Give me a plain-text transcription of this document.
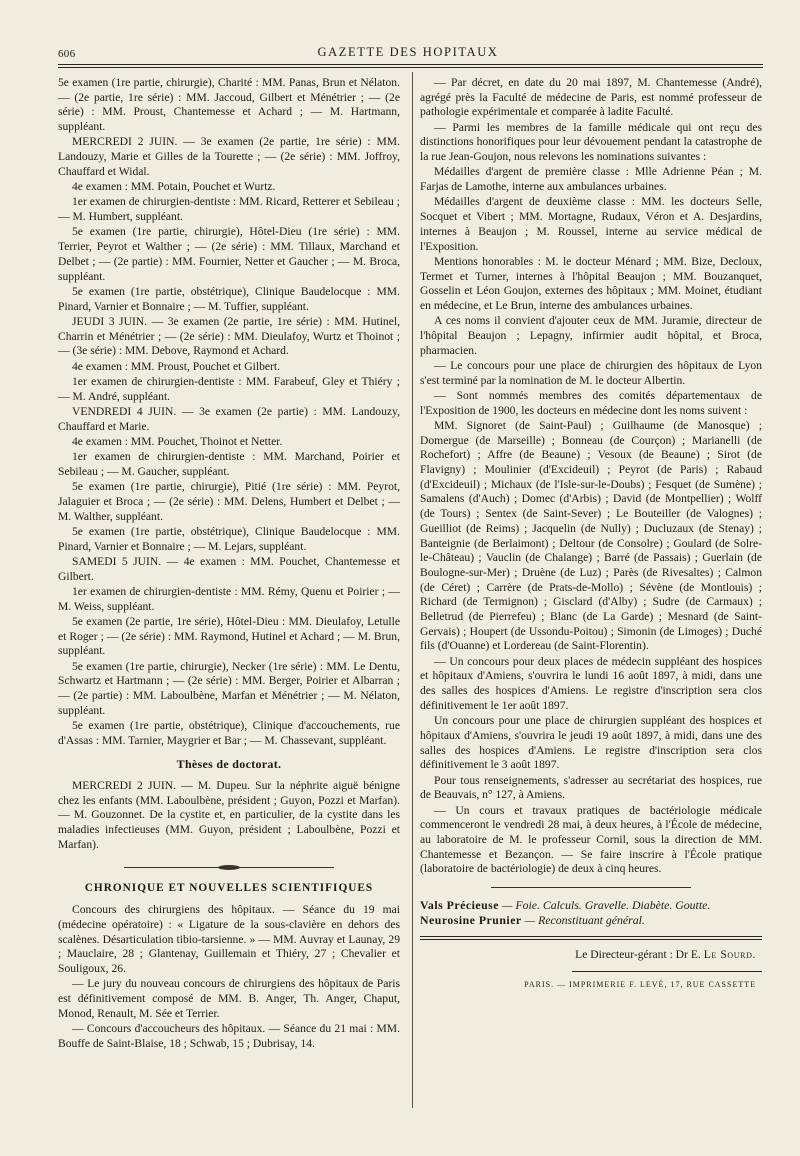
606	GAZETTE DES HOPITAUX

5e examen (1re partie, chirurgie), Charité : MM. Panas, Brun et Nélaton. — (2e partie, 1re série) : MM. Jaccoud, Gilbert et Ménétrier ; — (2e série) : MM. Proust, Chantemesse et Achard ; — M. Hartmann, suppléant.

MERCREDI 2 JUIN. — 3e examen (2e partie, 1re série) : MM. Landouzy, Marie et Gilles de la Tourette ; — (2e série) : MM. Joffroy, Chauffard et Widal.

4e examen : MM. Potain, Pouchet et Wurtz.

1er examen de chirurgien-dentiste : MM. Ricard, Retterer et Sebileau ; — M. Humbert, suppléant.

5e examen (1re partie, chirurgie), Hôtel-Dieu (1re série) : MM. Terrier, Peyrot et Walther ; — (2e série) : MM. Tillaux, Marchand et Delbet ; — (2e partie) : MM. Fournier, Netter et Gaucher ; — M. Broca, suppléant.

5e examen (1re partie, obstétrique), Clinique Baudelocque : MM. Pinard, Varnier et Bonnaire ; — M. Tuffier, suppléant.

JEUDI 3 JUIN. — 3e examen (2e partie, 1re série) : MM. Hutinel, Charrin et Ménétrier ; — (2e série) : MM. Dieulafoy, Wurtz et Thoinot ; — (3e série) : MM. Debove, Raymond et Achard.

4e examen : MM. Proust, Pouchet et Gilbert.

1er examen de chirurgien-dentiste : MM. Farabeuf, Gley et Thiéry ; — M. André, suppléant.

VENDREDI 4 JUIN. — 3e examen (2e partie) : MM. Landouzy, Chauffard et Marie.

4e examen : MM. Pouchet, Thoinot et Netter.

1er examen de chirurgien-dentiste : MM. Marchand, Poirier et Sebileau ; — M. Gaucher, suppléant.

5e examen (1re partie, chirurgie), Pitié (1re série) : MM. Peyrot, Jalaguier et Broca ; — (2e série) : MM. Delens, Humbert et Delbet ; — M. Walther, suppléant.

5e examen (1re partie, obstétrique), Clinique Baudelocque : MM. Pinard, Varnier et Bonnaire ; — M. Lejars, suppléant.

SAMEDI 5 JUIN. — 4e examen : MM. Pouchet, Chantemesse et Gilbert.

1er examen de chirurgien-dentiste : MM. Rémy, Quenu et Poirier ; — M. Weiss, suppléant.

5e examen (2e partie, 1re série), Hôtel-Dieu : MM. Dieulafoy, Letulle et Roger ; — (2e série) : MM. Raymond, Hutinel et Achard ; — M. Brun, suppléant.

5e examen (1re partie, chirurgie), Necker (1re série) : MM. Le Dentu, Schwartz et Hartmann ; — (2e série) : MM. Berger, Poirier et Albarran ; — (2e partie) : MM. Laboulbène, Marfan et Ménétrier ; — M. Nélaton, suppléant.

5e examen (1re partie, obstétrique), Clinique d'accouchements, rue d'Assas : MM. Tarnier, Maygrier et Bar ; — M. Chassevant, suppléant.

Thèses de doctorat.

MERCREDI 2 JUIN. — M. Dupeu. Sur la néphrite aiguë bénigne chez les enfants (MM. Laboulbène, président ; Guyon, Pozzi et Marfan). — M. Gouzonnet. De la cystite et, en particulier, de la cystite dans les maladies infectieuses (MM. Guyon, président ; Laboulbène, Pozzi et Marfan).

CHRONIQUE ET NOUVELLES SCIENTIFIQUES

Concours des chirurgiens des hôpitaux. — Séance du 19 mai (médecine opératoire) : « Ligature de la sous-clavière en dehors des scalènes. Désarticulation tibio-tarsienne. » — MM. Auvray et Launay, 29 ; Mauclaire, 28 ; Glantenay, Guillemain et Thiéry, 27 ; Chevalier et Souligoux, 26.

— Le jury du nouveau concours de chirurgiens des hôpitaux de Paris est définitivement composé de MM. B. Anger, Th. Anger, Chaput, Monod, Renault, M. Sée et Terrier.

— Concours d'accoucheurs des hôpitaux. — Séance du 21 mai : MM. Bouffe de Saint-Blaise, 18 ; Schwab, 15 ; Dubrisay, 14.

— Par décret, en date du 20 mai 1897, M. Chantemesse (André), agrégé près la Faculté de médecine de Paris, est nommé professeur de pathologie expérimentale et comparée à ladite Faculté.

— Parmi les membres de la famille médicale qui ont reçu des distinctions honorifiques pour leur dévouement pendant la catastrophe de la rue Jean-Goujon, nous relevons les nominations suivantes :

Médailles d'argent de première classe : Mlle Adrienne Péan ; M. Farjas de Lamothe, interne aux ambulances urbaines.

Médailles d'argent de deuxième classe : MM. les docteurs Selle, Socquet et Vibert ; MM. Mortagne, Rudaux, Véron et A. Desjardins, internes à Beaujon ; M. Roussel, interne au service médical de l'Exposition.

Mentions honorables : M. le docteur Ménard ; MM. Bize, Decloux, Termet et Turner, internes à l'hôpital Beaujon ; MM. Bouzanquet, Gosselin et Léon Goujon, externes des hôpitaux ; MM. Moinet, étudiant en médecine, et Le Brun, interne des ambulances urbaines.

A ces noms il convient d'ajouter ceux de MM. Juramie, directeur de l'hôpital Beaujon ; Lepagny, infirmier audit hôpital, et Broca, pharmacien.

— Le concours pour une place de chirurgien des hôpitaux de Lyon s'est terminé par la nomination de M. le docteur Albertin.

— Sont nommés membres des comités départementaux de l'Exposition de 1900, les docteurs en médecine dont les noms suivent :

MM. Signoret (de Saint-Paul) ; Guilhaume (de Manosque) ; Domergue (de Marseille) ; Bonneau (de Courçon) ; Marianelli (de Rochefort) ; Affre (de Beaune) ; Vesoux (de Beaune) ; Sirot (de Flavigny) ; Moulinier (d'Excideuil) ; Peyrot (de Paris) ; Rabaud (d'Excideuil) ; Michaux (de l'Isle-sur-le-Doubs) ; Fesquet (de Sumène) ; Samalens (d'Auch) ; Domec (d'Arbis) ; David (de Montpellier) ; Wolff (de Tours) ; Sentex (de Saint-Sever) ; Le Bouteiller (de Valognes) ; Gueilliot (de Reims) ; Jacquelin (de Nully) ; Ducluzaux (de Stenay) ; Banteignie (de Berlaimont) ; Deltour (de Consolre) ; Goulard (de Solre-le-Château) ; Vauclin (de Chalange) ; Barré (de Passais) ; Guerlain (de Boulogne-sur-Mer) ; Druène (de Luz) ; Parès (de Rivesaltes) ; Calmon (de Céret) ; Carrère (de Prats-de-Mollo) ; Sévène (de Montlouis) ; Richard (de Termignon) ; Gisclard (d'Alby) ; Sudre (de Carmaux) ; Belletrud (de Pierrefeu) ; Blanc (de La Garde) ; Mesnard (de Saint-Gervais) ; Houpert (de Ussondu-Poitou) ; Simonin (de Limoges) ; Duché fils (d'Ouanne) et Lordereau (de Saint-Florentin).

— Un concours pour deux places de médecin suppléant des hospices et hôpitaux d'Amiens, s'ouvrira le lundi 16 août 1897, à midi, dans une des salles des hospices d'Amiens. Le registre d'inscription sera clos définitivement le 1er août 1897.

Un concours pour une place de chirurgien suppléant des hospices et hôpitaux d'Amiens, s'ouvrira le jeudi 19 août 1897, à midi, dans une des salles des hospices d'Amiens. Le registre d'inscription sera clos définitivement le 3 août 1897.

Pour tous renseignements, s'adresser au secrétariat des hospices, rue de Beauvais, n° 127, à Amiens.

— Un cours et travaux pratiques de bactériologie médicale commenceront le vendredi 28 mai, à deux heures, à l'École de médecine, au laboratoire de M. le professeur Cornil, sous la direction de MM. Chantemesse et Bezançon. — Se faire inscrire à l'École pratique (laboratoire de bactériologie) de deux à cinq heures.

Vals Précieuse — Foie. Calculs. Gravelle. Diabète. Goutte.
Neurosine Prunier — Reconstituant général.
Le Directeur-gérant : Dr E. Le Sourd.
PARIS. — IMPRIMERIE F. LEVÉ, 17, RUE CASSETTE
